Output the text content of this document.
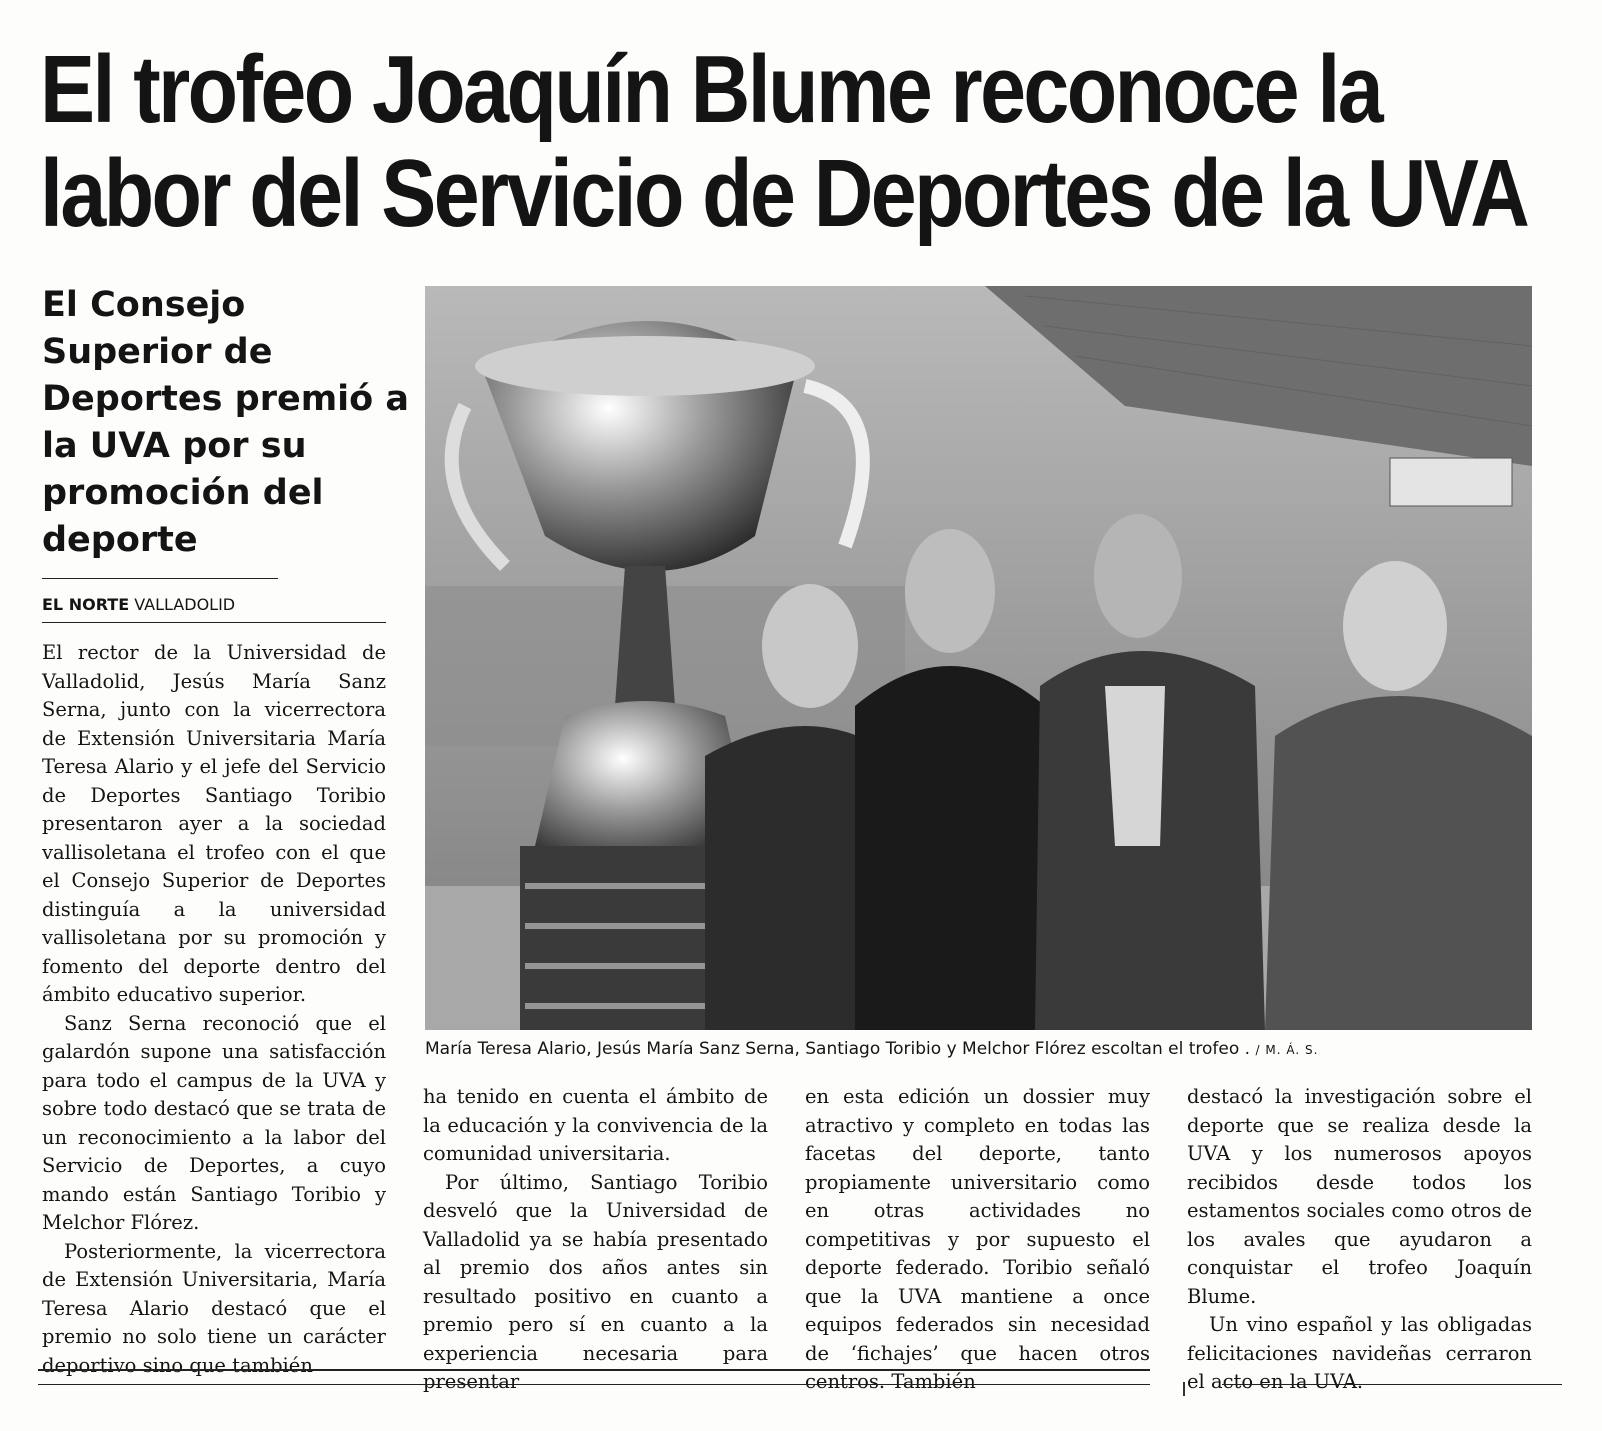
El trofeo Joaquín Blume reconoce la
labor del Servicio de Deportes de la UVA
El Consejo Superior de Deportes premió a la UVA por su promoción del deporte
EL NORTE VALLADOLID

El rector de la Universidad de Valladolid, Jesús María Sanz Serna, junto con la vicerrectora de Extensión Universitaria María Teresa Alario y el jefe del Servicio de Deportes Santiago Toribio presentaron ayer a la sociedad vallisoletana el trofeo con el que el Consejo Superior de Deportes distinguía a la universidad vallisoletana por su promoción y fomento del deporte dentro del ámbito educativo superior.

Sanz Serna reconoció que el galardón supone una satisfacción para todo el campus de la UVA y sobre todo destacó que se trata de un reconocimiento a la labor del Servicio de Deportes, a cuyo mando están Santiago Toribio y Melchor Flórez.

Posteriormente, la vicerrectora de Extensión Universitaria, María Teresa Alario destacó que el premio no solo tiene un carácter deportivo sino que también

María Teresa Alario, Jesús María Sanz Serna, Santiago Toribio y Melchor Flórez escoltan el trofeo . / M. Á. S.

ha tenido en cuenta el ámbito de la educación y la convivencia de la comunidad universitaria.

Por último, Santiago Toribio desveló que la Universidad de Valladolid ya se había presentado al premio dos años antes sin resultado positivo en cuanto a premio pero sí en cuanto a la experiencia necesaria para presentar

en esta edición un dossier muy atractivo y completo en todas las facetas del deporte, tanto propiamente universitario como en otras actividades no competitivas y por supuesto el deporte federado. Toribio señaló que la UVA mantiene a once equipos federados sin necesidad de ‘fichajes’ que hacen otros centros. También

destacó la investigación sobre el deporte que se realiza desde la UVA y los numerosos apoyos recibidos desde todos los estamentos sociales como otros de los avales que ayudaron a conquistar el trofeo Joaquín Blume.

Un vino español y las obligadas felicitaciones navideñas cerraron el acto en la UVA.
